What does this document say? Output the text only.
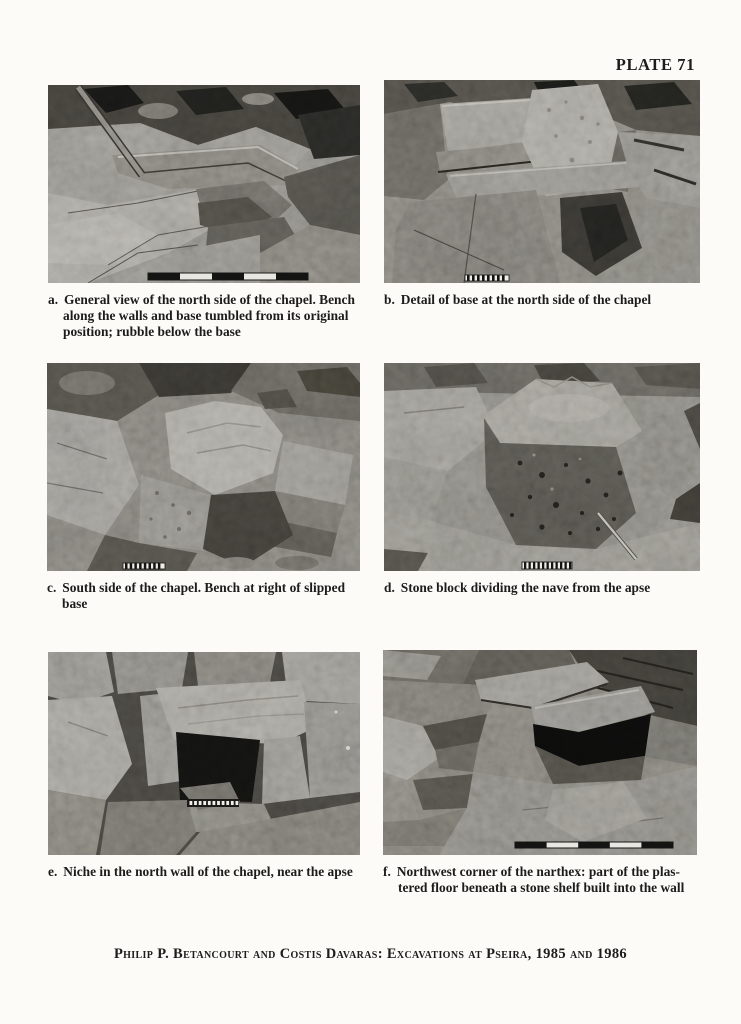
PLATE 71
a. General view of the north side of the chapel. Bench
along the walls and base tumbled from its original
position; rubble below the base
b. Detail of base at the north side of the chapel
c. South side of the chapel. Bench at right of slipped
base
d. Stone block dividing the nave from the apse
e. Niche in the north wall of the chapel, near the apse	f. Northwest corner of the narthex: part of the plas-
tered floor beneath a stone shelf built into the wall
Philip P. Betancourt and Costis Davaras: Excavations at Pseira, 1985 and 1986
